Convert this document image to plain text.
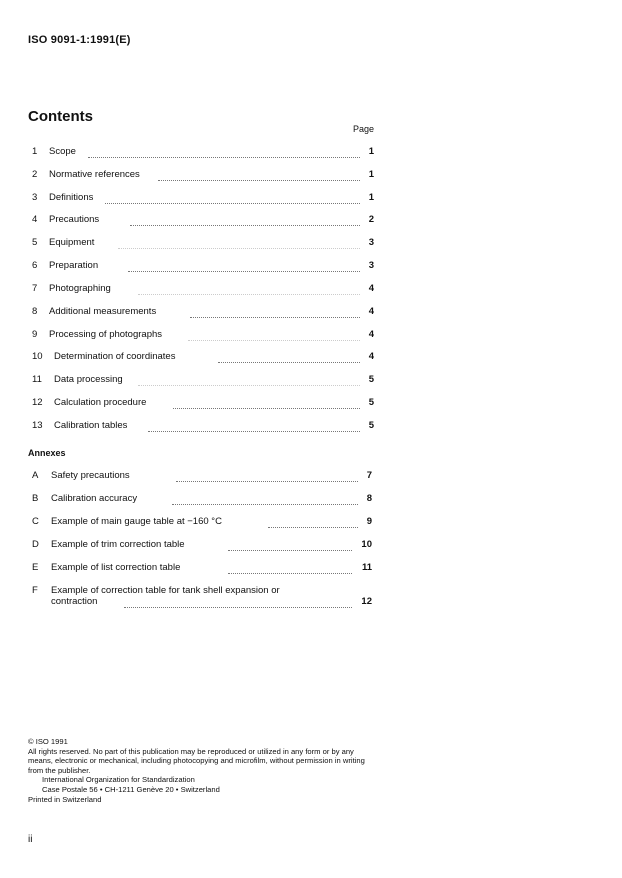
ISO 9091-1:1991(E)
Contents
Page
1 Scope	1
2 Normative references	1
3 Definitions	1
4 Precautions	2
5 Equipment	3
6 Preparation	3
7 Photographing	4
8 Additional measurements	4
9 Processing of photographs	4
10 Determination of coordinates	4
11 Data processing	5
12 Calculation procedure	5
13 Calibration tables	5
Annexes
A Safety precautions	7
B Calibration accuracy	8
C Example of main gauge table at −160 °C	9
D Example of trim correction table	10
E Example of list correction table	11
F Example of correction table for tank shell expansion or
contraction	12
© ISO 1991
All rights reserved. No part of this publication may be reproduced or utilized in any form or by any means, electronic or mechanical, including photocopying and microfilm, without permission in writing from the publisher.
International Organization for Standardization
Case Postale 56 • CH-1211 Genève 20 • Switzerland
Printed in Switzerland
ii
